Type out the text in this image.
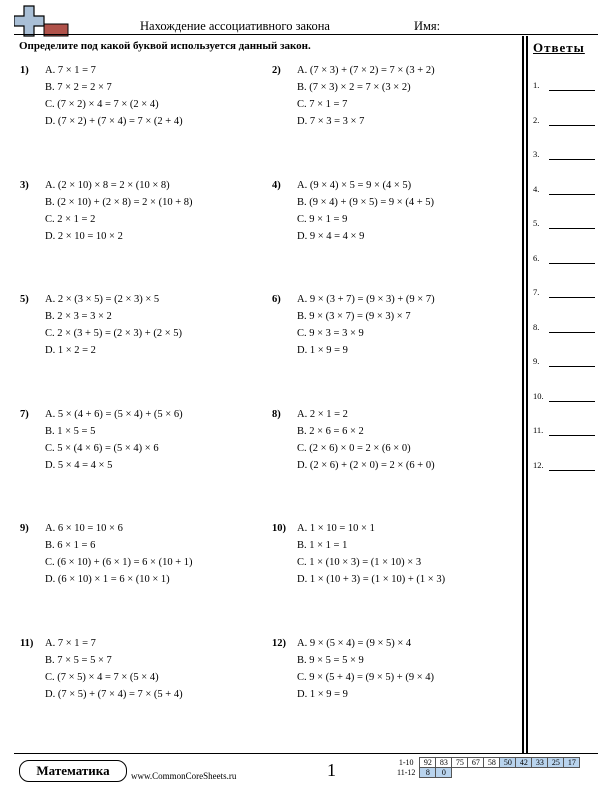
Нахождение ассоциативного закона	Имя:
Определите под какой буквой используется данный закон.	Ответы
1.
2.
3.
4.
5.
6.
7.
8.
9.
10.
11.
12.
1) A. 7 × 1 = 7
B. 7 × 2 = 2 × 7
C. (7 × 2) × 4 = 7 × (2 × 4)
D. (7 × 2) + (7 × 4) = 7 × (2 + 4)
2) A. (7 × 3) + (7 × 2) = 7 × (3 + 2)
B. (7 × 3) × 2 = 7 × (3 × 2)
C. 7 × 1 = 7
D. 7 × 3 = 3 × 7
3) A. (2 × 10) × 8 = 2 × (10 × 8)
B. (2 × 10) + (2 × 8) = 2 × (10 + 8)
C. 2 × 1 = 2
D. 2 × 10 = 10 × 2
4) A. (9 × 4) × 5 = 9 × (4 × 5)
B. (9 × 4) + (9 × 5) = 9 × (4 + 5)
C. 9 × 1 = 9
D. 9 × 4 = 4 × 9
5) A. 2 × (3 × 5) = (2 × 3) × 5
B. 2 × 3 = 3 × 2
C. 2 × (3 + 5) = (2 × 3) + (2 × 5)
D. 1 × 2 = 2
6) A. 9 × (3 + 7) = (9 × 3) + (9 × 7)
B. 9 × (3 × 7) = (9 × 3) × 7
C. 9 × 3 = 3 × 9
D. 1 × 9 = 9
7) A. 5 × (4 + 6) = (5 × 4) + (5 × 6)
B. 1 × 5 = 5
C. 5 × (4 × 6) = (5 × 4) × 6
D. 5 × 4 = 4 × 5
8) A. 2 × 1 = 2
B. 2 × 6 = 6 × 2
C. (2 × 6) × 0 = 2 × (6 × 0)
D. (2 × 6) + (2 × 0) = 2 × (6 + 0)
9) A. 6 × 10 = 10 × 6
B. 6 × 1 = 6
C. (6 × 10) + (6 × 1) = 6 × (10 + 1)
D. (6 × 10) × 1 = 6 × (10 × 1)
10) A. 1 × 10 = 10 × 1
B. 1 × 1 = 1
C. 1 × (10 × 3) = (1 × 10) × 3
D. 1 × (10 + 3) = (1 × 10) + (1 × 3)
11) A. 7 × 1 = 7
B. 7 × 5 = 5 × 7
C. (7 × 5) × 4 = 7 × (5 × 4)
D. (7 × 5) + (7 × 4) = 7 × (5 + 4)
12) A. 9 × (5 × 4) = (9 × 5) × 4
B. 9 × 5 = 5 × 9
C. 9 × (5 + 4) = (9 × 5) + (9 × 4)
D. 1 × 9 = 9
Математика	www.CommonCoreSheets.ru	1	1-10	92	83	75	67	58	50	42	33	25	17
11-12	8	0								
